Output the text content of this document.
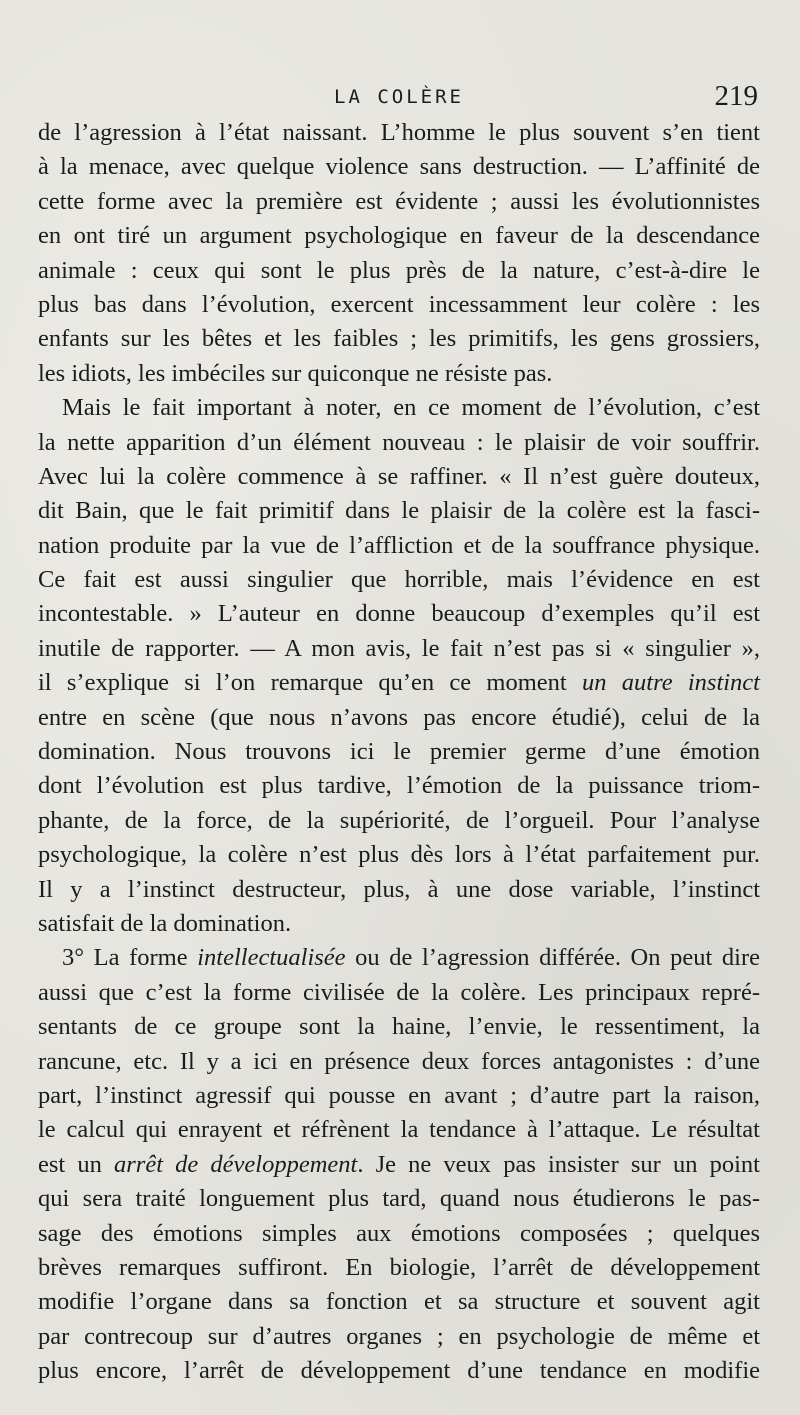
LA COLÈRE	219
de l’agression à l’état naissant. L’homme le plus souvent s’en tient
à la menace, avec quelque violence sans destruction. — L’affinité de
cette forme avec la première est évidente ; aussi les évolutionnistes
en ont tiré un argument psychologique en faveur de la descendance
animale : ceux qui sont le plus près de la nature, c’est-à-dire le
plus bas dans l’évolution, exercent incessamment leur colère : les
enfants sur les bêtes et les faibles ; les primitifs, les gens grossiers,
les idiots, les imbéciles sur quiconque ne résiste pas.
Mais le fait important à noter, en ce moment de l’évolution, c’est
la nette apparition d’un élément nouveau : le plaisir de voir souffrir.
Avec lui la colère commence à se raffiner. « Il n’est guère douteux,
dit Bain, que le fait primitif dans le plaisir de la colère est la fasci-
nation produite par la vue de l’affliction et de la souffrance physique.
Ce fait est aussi singulier que horrible, mais l’évidence en est
incontestable. » L’auteur en donne beaucoup d’exemples qu’il est
inutile de rapporter. — A mon avis, le fait n’est pas si « singulier »,
il s’explique si l’on remarque qu’en ce moment un autre instinct
entre en scène (que nous n’avons pas encore étudié), celui de la
domination. Nous trouvons ici le premier germe d’une émotion
dont l’évolution est plus tardive, l’émotion de la puissance triom-
phante, de la force, de la supériorité, de l’orgueil. Pour l’analyse
psychologique, la colère n’est plus dès lors à l’état parfaitement pur.
Il y a l’instinct destructeur, plus, à une dose variable, l’instinct
satisfait de la domination.
3° La forme intellectualisée ou de l’agression différée. On peut dire
aussi que c’est la forme civilisée de la colère. Les principaux repré-
sentants de ce groupe sont la haine, l’envie, le ressentiment, la
rancune, etc. Il y a ici en présence deux forces antagonistes : d’une
part, l’instinct agressif qui pousse en avant ; d’autre part la raison,
le calcul qui enrayent et réfrènent la tendance à l’attaque. Le résultat
est un arrêt de développement. Je ne veux pas insister sur un point
qui sera traité longuement plus tard, quand nous étudierons le pas-
sage des émotions simples aux émotions composées ; quelques
brèves remarques suffiront. En biologie, l’arrêt de développement
modifie l’organe dans sa fonction et sa structure et souvent agit
par contrecoup sur d’autres organes ; en psychologie de même et
plus encore, l’arrêt de développement d’une tendance en modifie
